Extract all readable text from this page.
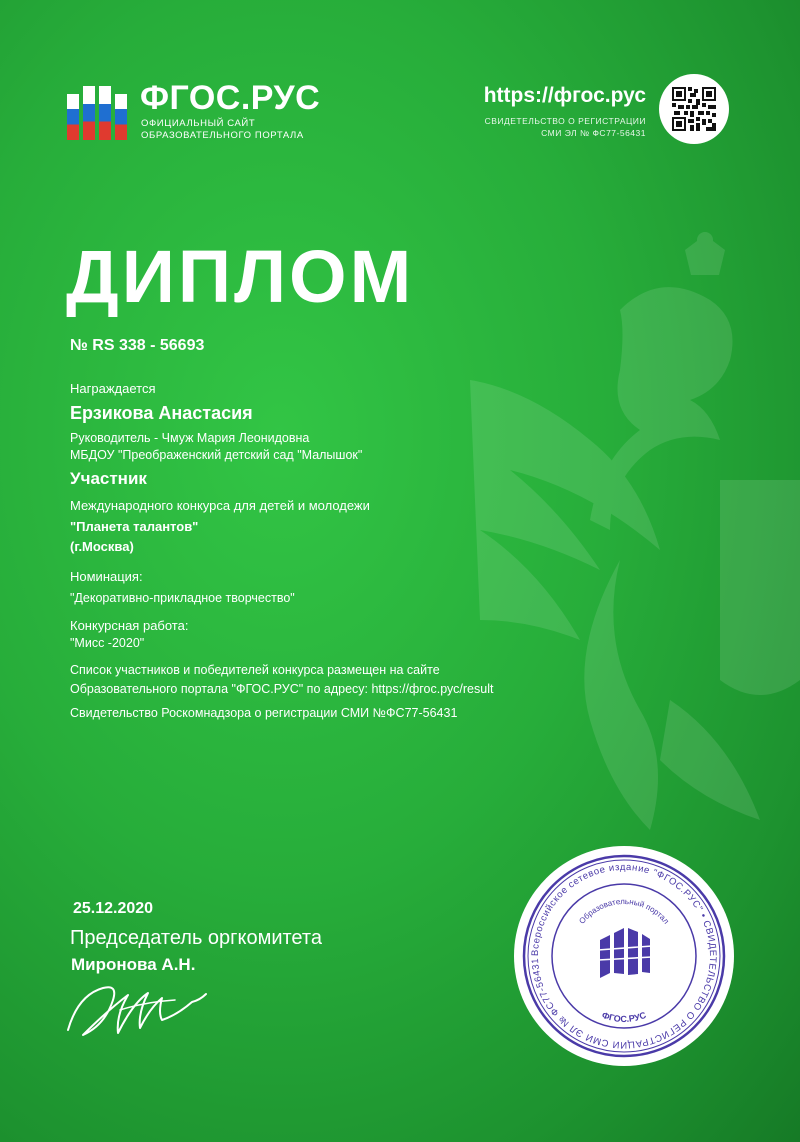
ФГОС.РУС
ОФИЦИАЛЬНЫЙ САЙТ
ОБРАЗОВАТЕЛЬНОГО ПОРТАЛА
https://фгос.рус
СВИДЕТЕЛЬСТВО О РЕГИСТРАЦИИ
СМИ ЭЛ № ФС77-56431
ДИПЛОМ
№ RS 338 - 56693
Награждается
Ерзикова Анастасия
Руководитель - Чмуж Мария Леонидовна
МБДОУ "Преображенский детский сад "Малышок"
Участник
Международного конкурса для детей и молодежи
"Планета талантов"
(г.Москва)
Номинация:
"Декоративно-прикладное творчество"
Конкурсная работа:
"Мисс -2020"
Список участников и победителей конкурса размещен на сайте
Образовательного портала "ФГОС.РУС" по адресу: https://фгос.рус/result
Свидетельство Роскомнадзора о регистрации СМИ №ФС77-56431
25.12.2020
Председатель оргкомитета
Миронова А.Н.
Всероссийское сетевое издание "ФГОС.РУС" • СВИДЕТЕЛЬСТВО О РЕГИСТРАЦИИ СМИ ЭЛ № ФС77-56431
Образовательный портал
ФГОС.РУС
